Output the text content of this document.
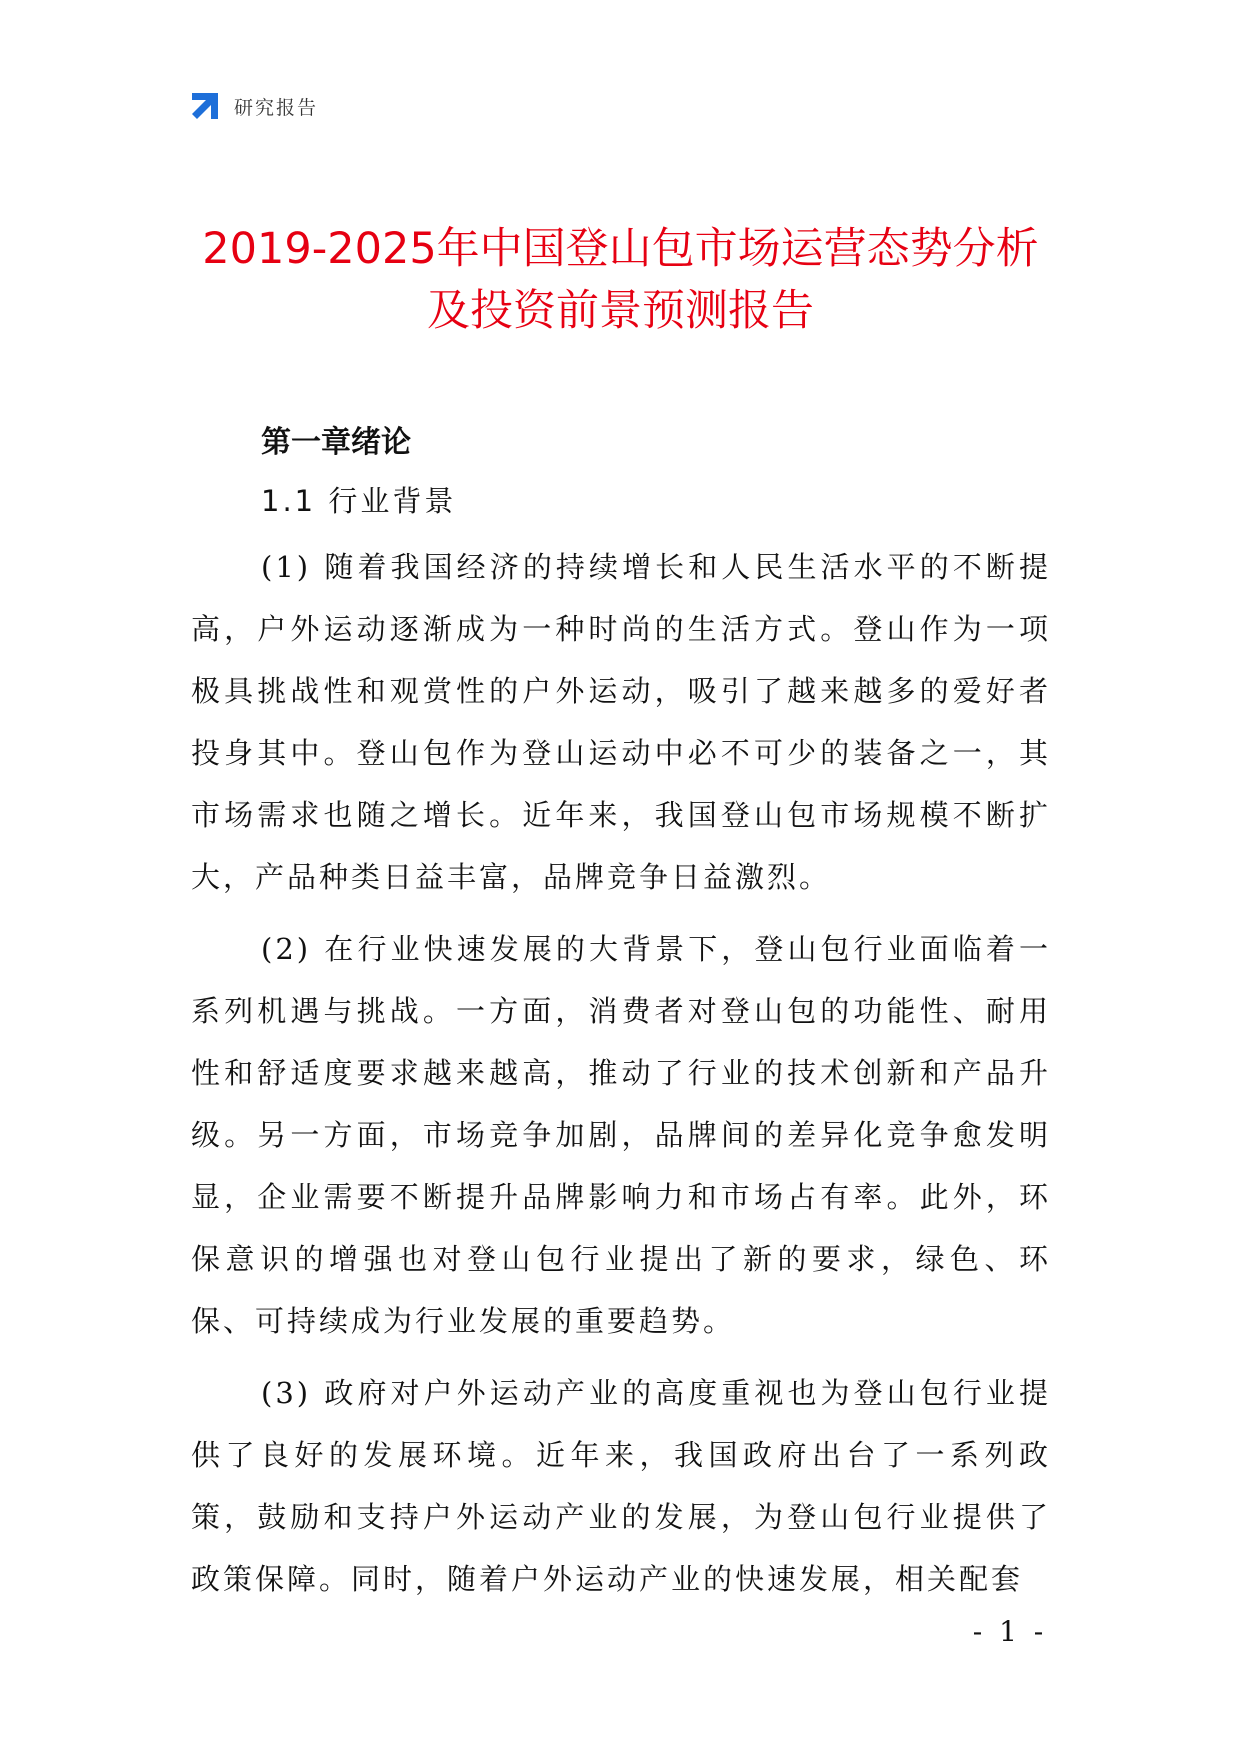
研究报告
2019-2025年中国登山包市场运营态势分析
及投资前景预测报告
第一章绪论
1.1 行业背景

(1) 随着我国经济的持续增长和人民生活水平的不断提高，户外运动逐渐成为一种时尚的生活方式。登山作为一项极具挑战性和观赏性的户外运动，吸引了越来越多的爱好者投身其中。登山包作为登山运动中必不可少的装备之一，其市场需求也随之增长。近年来，我国登山包市场规模不断扩大，产品种类日益丰富，品牌竞争日益激烈。

(2) 在行业快速发展的大背景下，登山包行业面临着一系列机遇与挑战。一方面，消费者对登山包的功能性、耐用性和舒适度要求越来越高，推动了行业的技术创新和产品升级。另一方面，市场竞争加剧，品牌间的差异化竞争愈发明显，企业需要不断提升品牌影响力和市场占有率。此外，环保意识的增强也对登山包行业提出了新的要求，绿色、环保、可持续成为行业发展的重要趋势。

(3) 政府对户外运动产业的高度重视也为登山包行业提供了良好的发展环境。近年来，我国政府出台了一系列政策，鼓励和支持户外运动产业的发展，为登山包行业提供了政策保障。同时，随着户外运动产业的快速发展，相关配套

- 1 -
